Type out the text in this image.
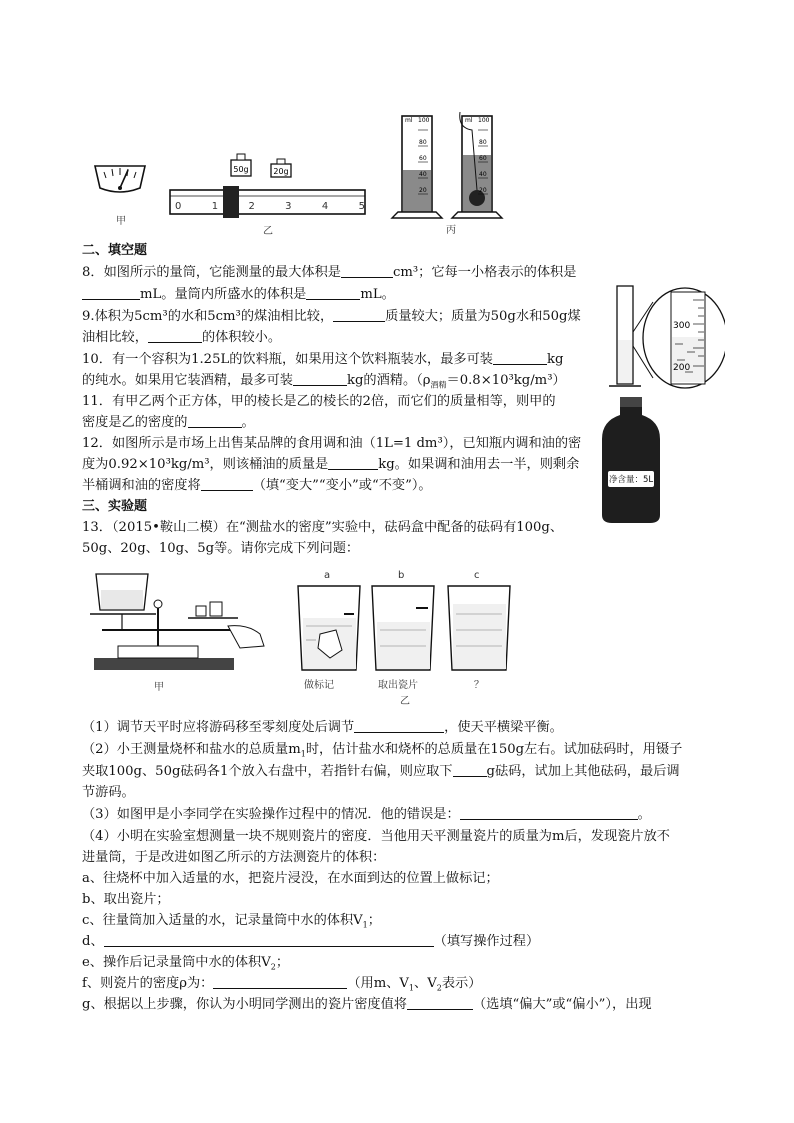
甲
50g	20g
0	1	2	3	4	5
乙
ml 100
80
60
40
20
ml 100
80
60
40
20
丙
二、填空题
8．如图所示的量筒，它能测量的最大体积是	cm³；它每一小格表示的体积是
mL。量筒内所盛水的体积是	mL。
9.体积为5cm³的水和5cm³的煤油相比较，	质量较大；质量为50g水和50g煤
油相比较，	的体积较小。
10．有一个容积为1.25L的饮料瓶，如果用这个饮料瓶装水，最多可装	kg
的纯水。如果用它装酒精，最多可装	kg的酒精。$(\rho_{酒精}=0.8\times 10^3kg/m^3)$
11．有甲乙两个正方体，甲的棱长是乙的棱长的2倍，而它们的质量相等，则甲的
密度是乙的密度的	。
12．如图所示是市场上出售某品牌的食用调和油（1L=1 dm³），已知瓶内调和油的密
度为0.92×10³kg/m³，则该桶油的质量是	kg。如果调和油用去一半，则剩余
半桶调和油的密度将	（填“变大”“变小”或“不变”）。
300
200
净含量：5L
三、实验题
13．（2015•鞍山二模）在“测盐水的密度”实验中，砝码盒中配备的砝码有100g、
50g、20g、10g、5g等。请你完成下列问题：
甲
a	b	c
做标记	取出瓷片	？
乙
（1）调节天平时应将游码移至零刻度处后调节	，使天平横梁平衡。
（2）小王测量烧杯和盐水的总质量$m_1$时，估计盐水和烧杯的总质量在150g左右。试加砝码时，用镊子
夹取100g、50g砝码各1个放入右盘中，若指针右偏，则应取下	g砝码，试加上其他砝码，最后调
节游码。
（3）如图甲是小李同学在实验操作过程中的情况．他的错误是：	。
（4）小明在实验室想测量一块不规则瓷片的密度．当他用天平测量瓷片的质量为m后，发现瓷片放不
进量筒，于是改进如图乙所示的方法测瓷片的体积：
a、往烧杯中加入适量的水，把瓷片浸没，在水面到达的位置上做标记；
b、取出瓷片；
c、往量筒加入适量的水，记录量筒中水的体积$V_1$；
d、	（填写操作过程）
e、操作后记录量筒中水的体积$V_2$；
f、则瓷片的密度ρ为：	（用m、$V_1$、$V_2$表示）
g、根据以上步骤，你认为小明同学测出的瓷片密度值将	（选填“偏大”或“偏小”），出现
